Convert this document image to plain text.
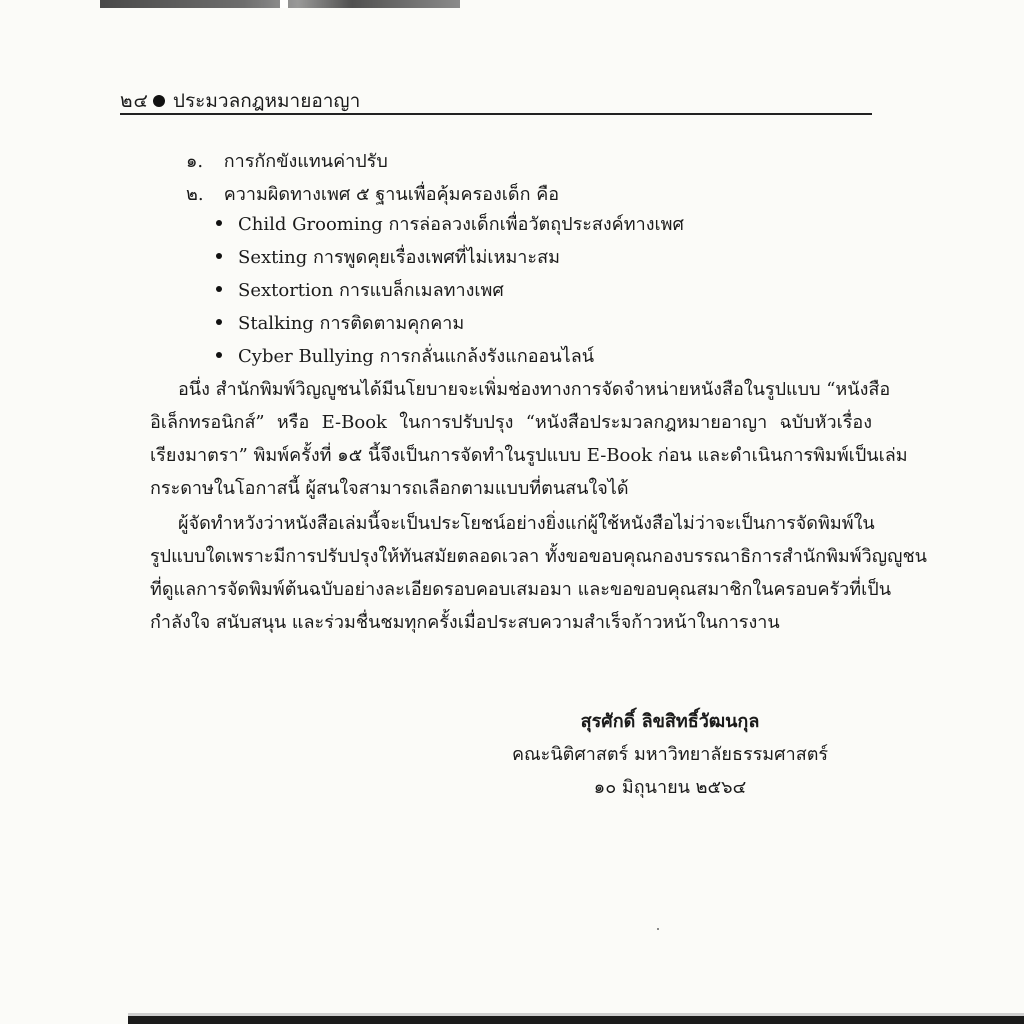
๒๔ ประมวลกฎหมายอาญา
๑. การกักขังแทนค่าปรับ
๒. ความผิดทางเพศ ๕ ฐานเพื่อคุ้มครองเด็ก คือ
Child Grooming การล่อลวงเด็กเพื่อวัตถุประสงค์ทางเพศ
Sexting การพูดคุยเรื่องเพศที่ไม่เหมาะสม
Sextortion การแบล็กเมลทางเพศ
Stalking การติดตามคุกคาม
Cyber Bullying การกลั่นแกล้งรังแกออนไลน์
อนึ่ง สำนักพิมพ์วิญญูชนได้มีนโยบายจะเพิ่มช่องทางการจัดจำหน่ายหนังสือในรูปแบบ “หนังสือ
อิเล็กทรอนิกส์” หรือ E-Book ในการปรับปรุง “หนังสือประมวลกฎหมายอาญา ฉบับหัวเรื่อง
เรียงมาตรา” พิมพ์ครั้งที่ ๑๕ นี้จึงเป็นการจัดทำในรูปแบบ E-Book ก่อน และดำเนินการพิมพ์เป็นเล่ม
กระดาษในโอกาสนี้ ผู้สนใจสามารถเลือกตามแบบที่ตนสนใจได้
ผู้จัดทำหวังว่าหนังสือเล่มนี้จะเป็นประโยชน์อย่างยิ่งแก่ผู้ใช้หนังสือไม่ว่าจะเป็นการจัดพิมพ์ใน
รูปแบบใดเพราะมีการปรับปรุงให้ทันสมัยตลอดเวลา ทั้งขอขอบคุณกองบรรณาธิการสำนักพิมพ์วิญญูชน
ที่ดูแลการจัดพิมพ์ต้นฉบับอย่างละเอียดรอบคอบเสมอมา และขอขอบคุณสมาชิกในครอบครัวที่เป็น
กำลังใจ สนับสนุน และร่วมชื่นชมทุกครั้งเมื่อประสบความสำเร็จก้าวหน้าในการงาน
สุรศักดิ์ ลิขสิทธิ์วัฒนกุล
คณะนิติศาสตร์ มหาวิทยาลัยธรรมศาสตร์
๑๐ มิถุนายน ๒๕๖๔
